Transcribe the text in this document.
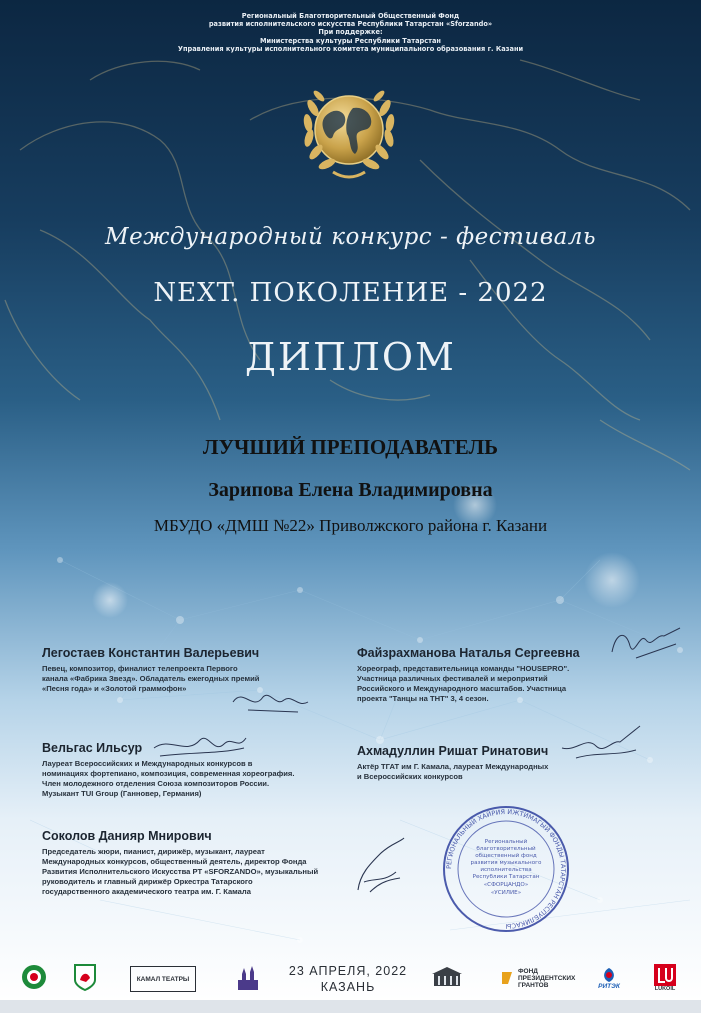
Региональный Благотворительный Общественный Фонд
развития исполнительского искусства Республики Татарстан «Sforzando»
При поддержке:
Министерства культуры Республики Татарстан
Управления культуры исполнительного комитета муниципального образования г. Казани
Международный конкурс - фестиваль
NEXT. ПОКОЛЕНИЕ - 2022
ДИПЛОМ
ЛУЧШИЙ ПРЕПОДАВАТЕЛЬ
Зарипова Елена Владимировна
МБУДО «ДМШ №22» Приволжского района г. Казани
Легостаев Константин Валерьевич
Певец, композитор, финалист телепроекта Первого
канала «Фабрика Звезд». Обладатель ежегодных премий
«Песня года» и «Золотой граммофон»
Файзрахманова Наталья Сергеевна
Хореограф, представительница команды "HOUSEPRO".
Участница различных фестивалей и мероприятий
Российского и Международного масштабов. Участница
проекта "Танцы на ТНТ" 3, 4 сезон.
Вельгас Ильсур
Лауреат Всероссийских и Международных конкурсов в
номинациях фортепиано, композиция, современная хореография.
Член молодежного отделения Союза композиторов России.
Музыкант TUI Group (Ганновер, Германия)
Ахмадуллин Ришат Ринатович
Актёр ТГАТ им Г. Камала, лауреат Международных
и Всероссийских конкурсов
Соколов Данияр Мнирович
Председатель жюри, пианист, дирижёр, музыкант, лауреат
Международных конкурсов, общественный деятель, директор Фонда
Развития Исполнительского Искусства РТ «SFORZANDO», музыкальный
руководитель и главный дирижёр Оркестра Татарского
государственного академического театра им. Г. Камала
РЕГИОНАЛЬНЫЙ ХАЙРИЯ ИЖТИМАГЫЙ ФОНДЫ ТАТАРСТАН РЕСПУБЛИКАСЫ
Региональный
благотворительный
общественный фонд
развития музыкального
исполнительства
Республики Татарстан
«СФОРЦАНДО»
«УСИЛИЕ»
КАМАЛ ТЕАТРЫ
23 АПРЕЛЯ, 2022
КАЗАНЬ
ФОНД
ПРЕЗИДЕНТСКИХ
ГРАНТОВ	РИТЭК	LUKOIL
